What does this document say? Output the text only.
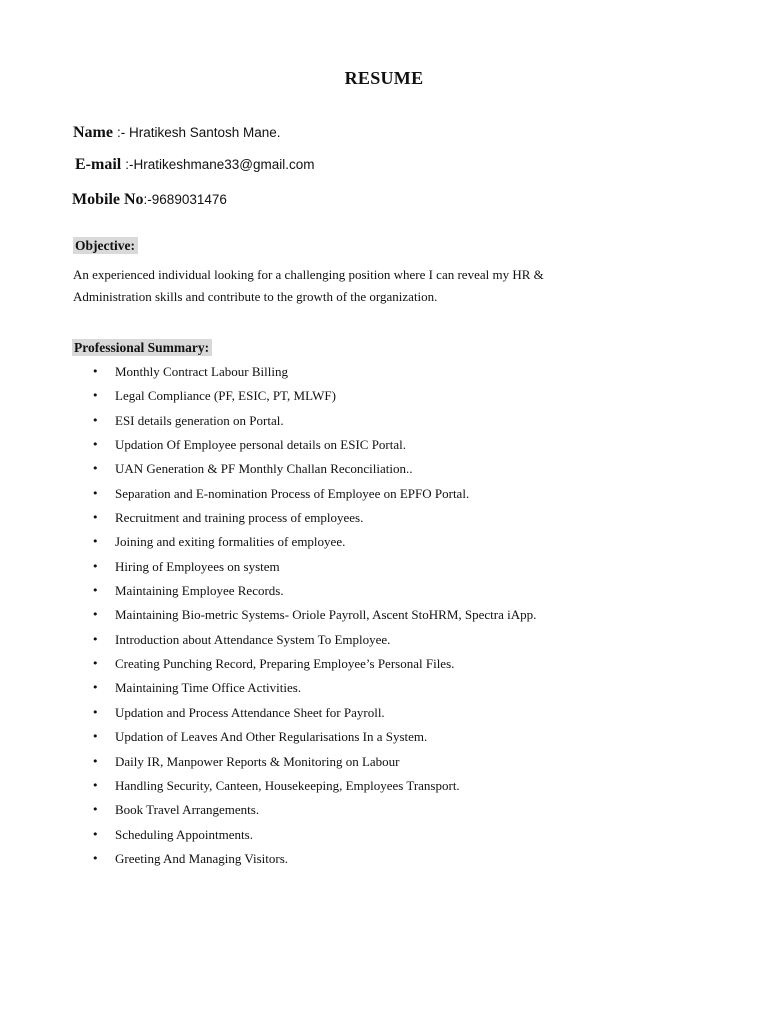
RESUME
Name :- Hratikesh Santosh Mane.
E-mail :-Hratikeshmane33@gmail.com
Mobile No:-9689031476
Objective:
An experienced individual looking for a challenging position where I can reveal my HR & Administration skills and contribute to the growth of the organization.
Professional Summary:
• Monthly Contract Labour Billing
• Legal Compliance (PF, ESIC, PT, MLWF)
• ESI details generation on Portal.
• Updation Of Employee personal details on ESIC Portal.
• UAN Generation & PF Monthly Challan Reconciliation..
• Separation and E-nomination Process of Employee on EPFO Portal.
• Recruitment and training process of employees.
• Joining and exiting formalities of employee.
• Hiring of Employees on system
• Maintaining Employee Records.
• Maintaining Bio-metric Systems- Oriole Payroll, Ascent StoHRM, Spectra iApp.
• Introduction about Attendance System To Employee.
• Creating Punching Record, Preparing Employee’s Personal Files.
• Maintaining Time Office Activities.
• Updation and Process Attendance Sheet for Payroll.
• Updation of Leaves And Other Regularisations In a System.
• Daily IR, Manpower Reports & Monitoring on Labour
• Handling Security, Canteen, Housekeeping, Employees Transport.
• Book Travel Arrangements.
• Scheduling Appointments.
• Greeting And Managing Visitors.
